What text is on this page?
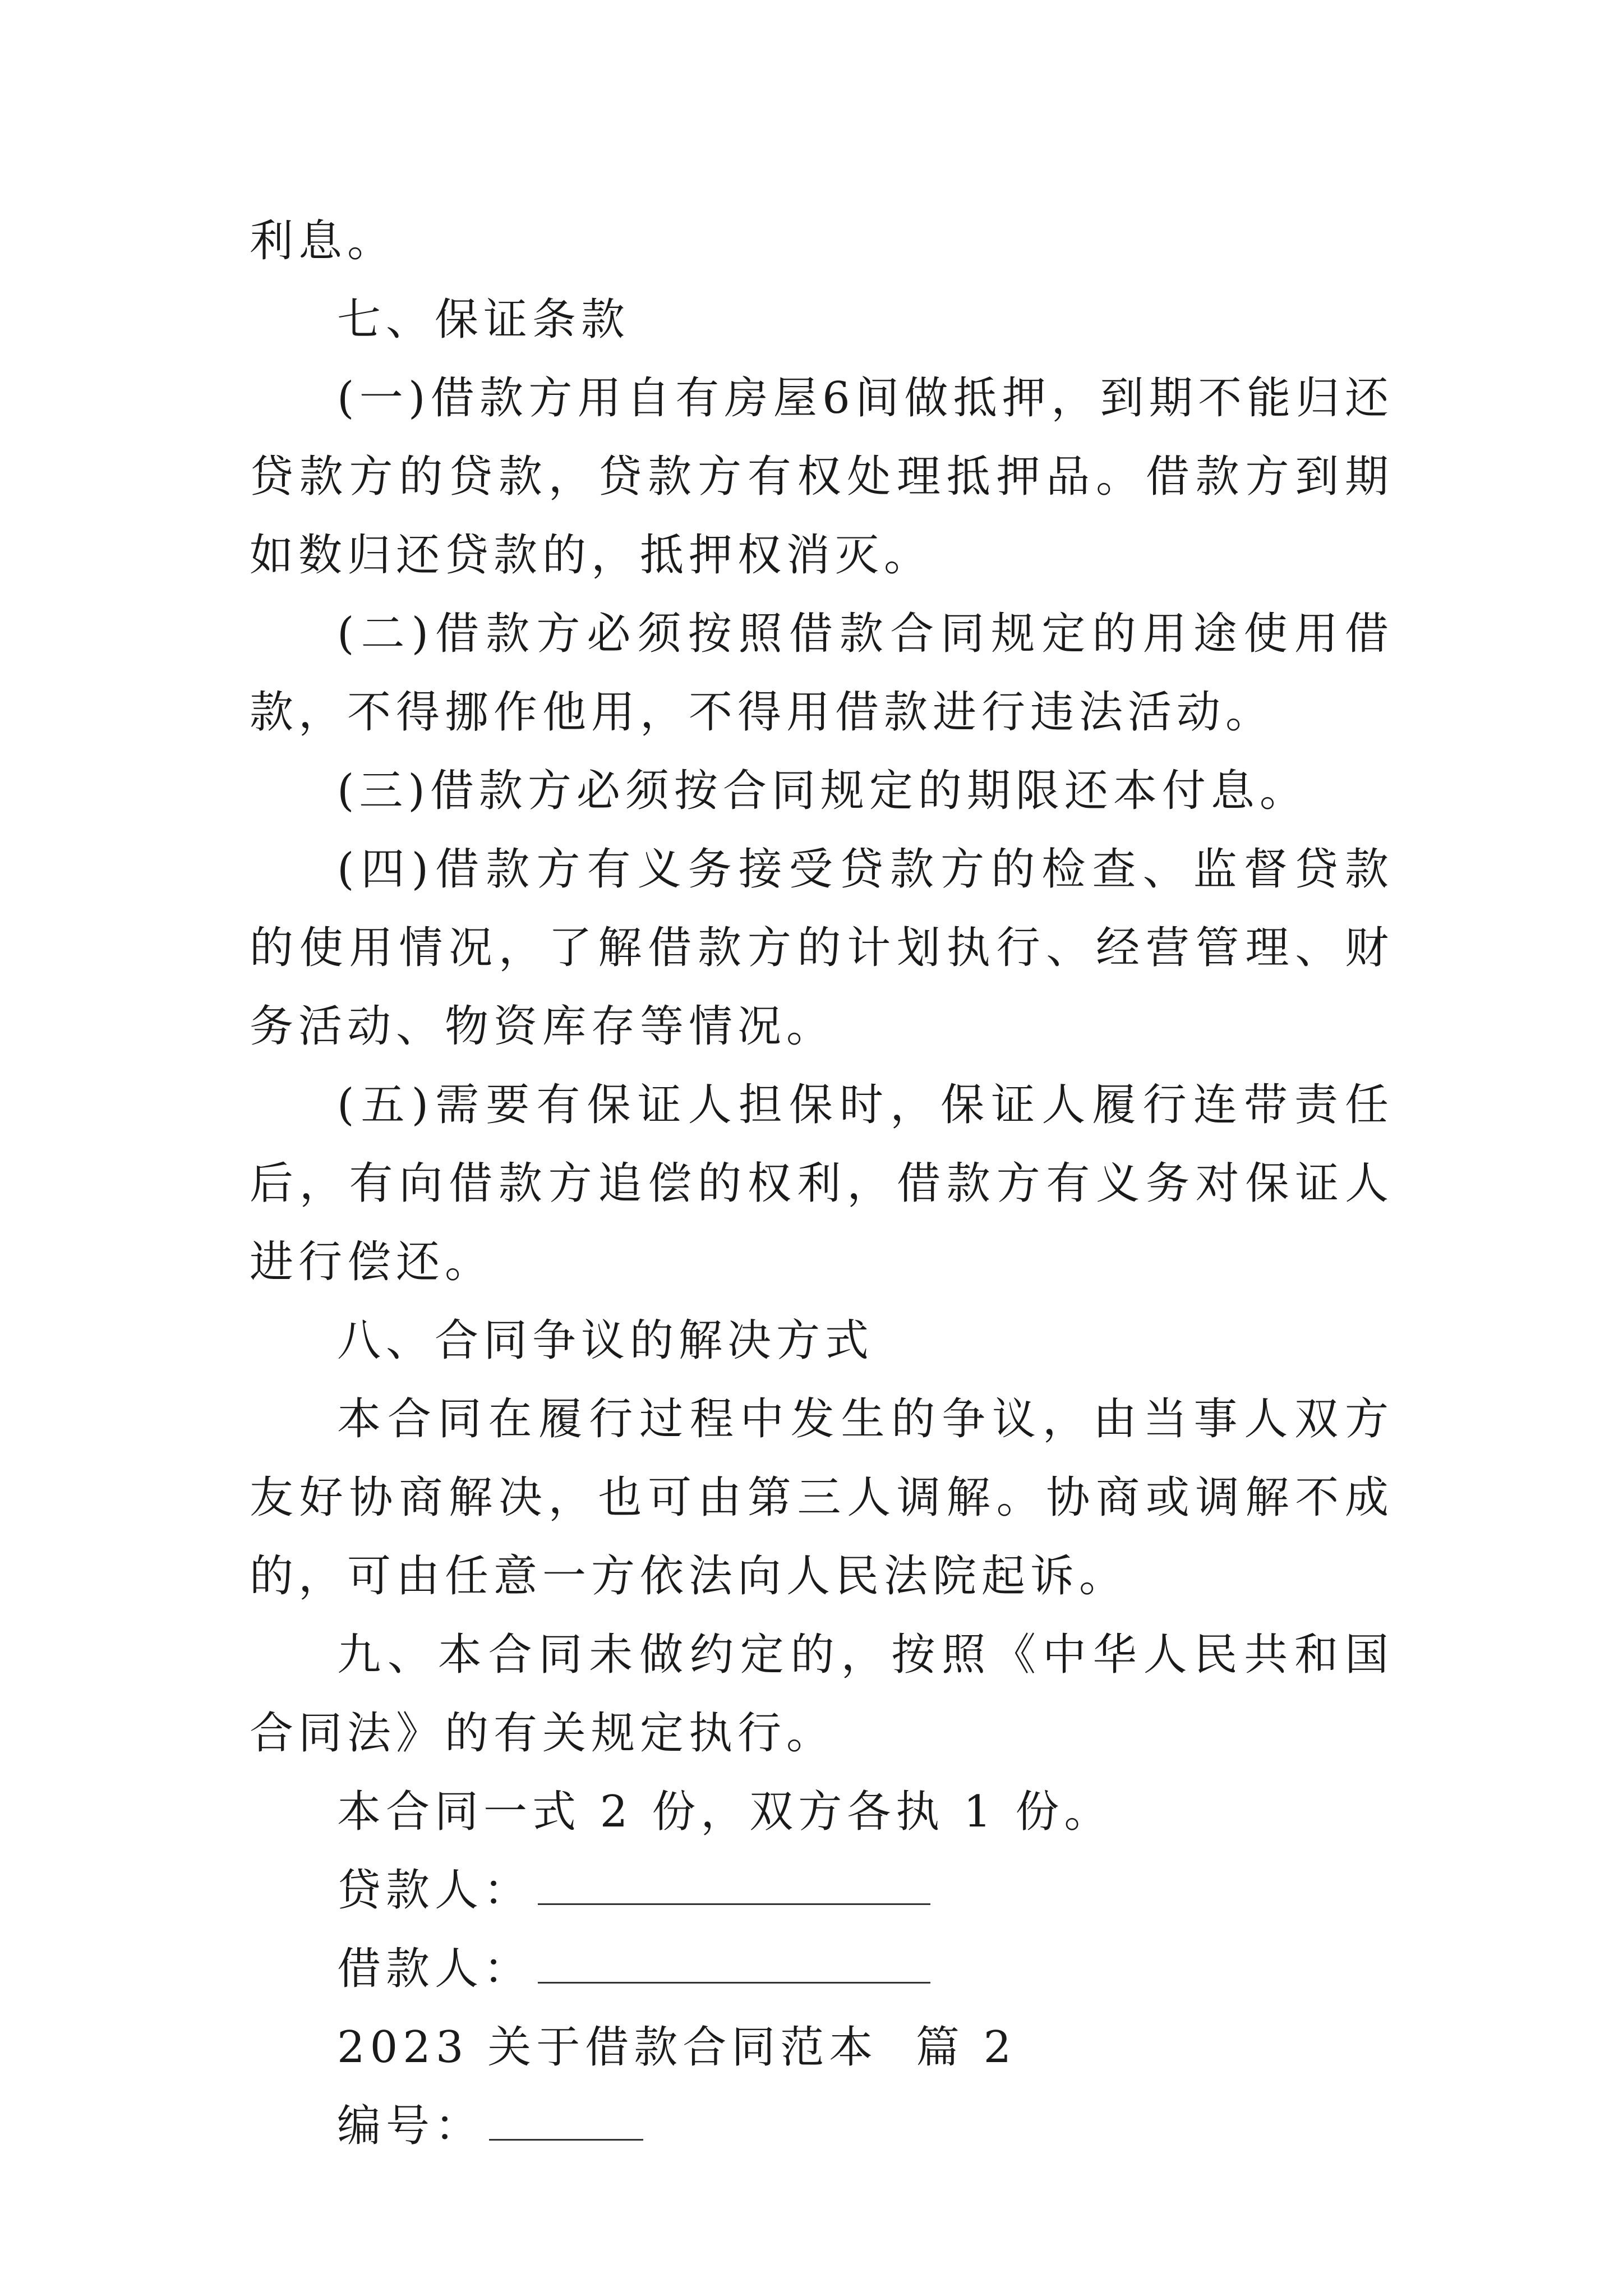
利息。

七、保证条款

(一)借款方用自有房屋6间做抵押，到期不能归还贷款方的贷款，贷款方有权处理抵押品。借款方到期如数归还贷款的，抵押权消灭。

(二)借款方必须按照借款合同规定的用途使用借款，不得挪作他用，不得用借款进行违法活动。

(三)借款方必须按合同规定的期限还本付息。

(四)借款方有义务接受贷款方的检查、监督贷款的使用情况，了解借款方的计划执行、经营管理、财务活动、物资库存等情况。

(五)需要有保证人担保时，保证人履行连带责任后，有向借款方追偿的权利，借款方有义务对保证人进行偿还。

八、合同争议的解决方式

本合同在履行过程中发生的争议，由当事人双方友好协商解决，也可由第三人调解。协商或调解不成的，可由任意一方依法向人民法院起诉。

九、本合同未做约定的，按照《中华人民共和国合同法》的有关规定执行。

本合同一式 2 份，双方各执 1 份。

贷款人：
借款人：

2023 关于借款合同范本  篇 2

编号：
